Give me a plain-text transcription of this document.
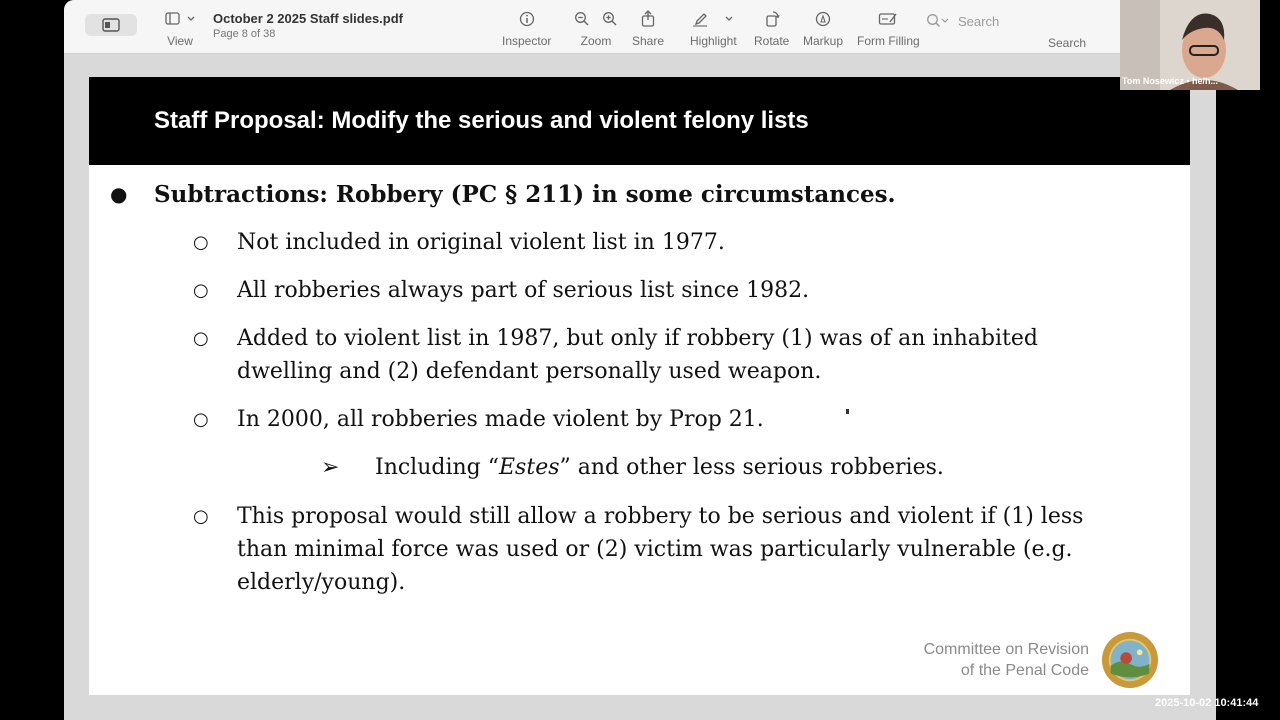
View
October 2 2025 Staff slides.pdf
Page 8 of 38	Inspector Zoom Share Highlight Rotate Markup Form Filling
Search
Search
Staff Proposal: Modify the serious and violent felony lists
● Subtractions: Robbery (PC § 211) in some circumstances.
○ Not included in original violent list in 1977.
○ All robberies always part of serious list since 1982.
○ Added to violent list in 1987, but only if robbery (1) was of an inhabited
dwelling and (2) defendant personally used weapon.
○ In 2000, all robberies made violent by Prop 21.
➢ Including “Estes” and other less serious robberies.
○ This proposal would still allow a robbery to be serious and violent if (1) less
than minimal force was used or (2) victim was particularly vulnerable (e.g.
elderly/young).
Committee on Revision
of the Penal Code
Tom Nosewicz • he/h...
2025-10-02 10:41:44
